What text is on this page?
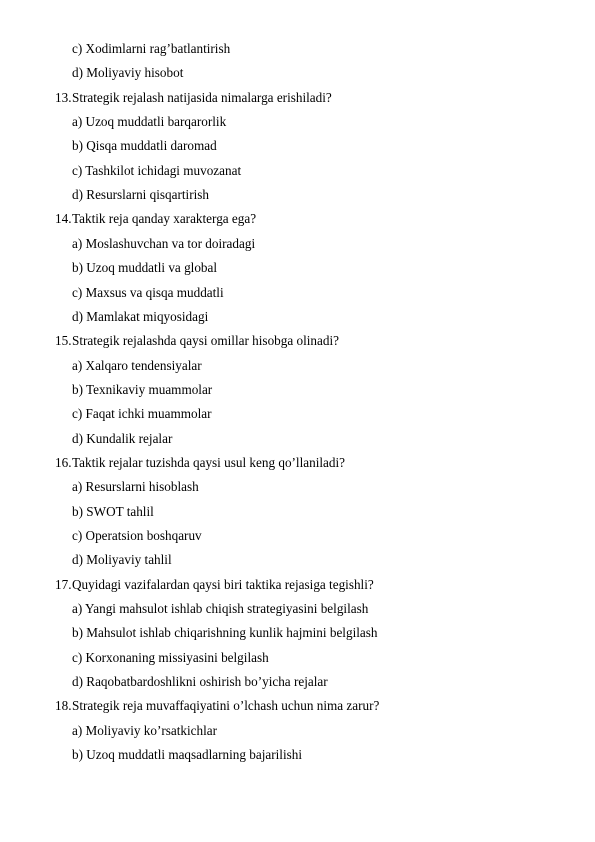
c) Xodimlarni rag’batlantirish
d) Moliyaviy hisobot
13. Strategik rejalash natijasida nimalarga erishiladi?
a) Uzoq muddatli barqarorlik
b) Qisqa muddatli daromad
c) Tashkilot ichidagi muvozanat
d) Resurslarni qisqartirish
14. Taktik reja qanday xarakterga ega?
a) Moslashuvchan va tor doiradagi
b) Uzoq muddatli va global
c) Maxsus va qisqa muddatli
d) Mamlakat miqyosidagi
15. Strategik rejalashda qaysi omillar hisobga olinadi?
a) Xalqaro tendensiyalar
b) Texnikaviy muammolar
c) Faqat ichki muammolar
d) Kundalik rejalar
16. Taktik rejalar tuzishda qaysi usul keng qo’llaniladi?
a) Resurslarni hisoblash
b) SWOT tahlil
c) Operatsion boshqaruv
d) Moliyaviy tahlil
17. Quyidagi vazifalardan qaysi biri taktika rejasiga tegishli?
a) Yangi mahsulot ishlab chiqish strategiyasini belgilash
b) Mahsulot ishlab chiqarishning kunlik hajmini belgilash
c) Korxonaning missiyasini belgilash
d) Raqobatbardoshlikni oshirish bo’yicha rejalar
18. Strategik reja muvaffaqiyatini o’lchash uchun nima zarur?
a) Moliyaviy ko’rsatkichlar
b) Uzoq muddatli maqsadlarning bajarilishi
